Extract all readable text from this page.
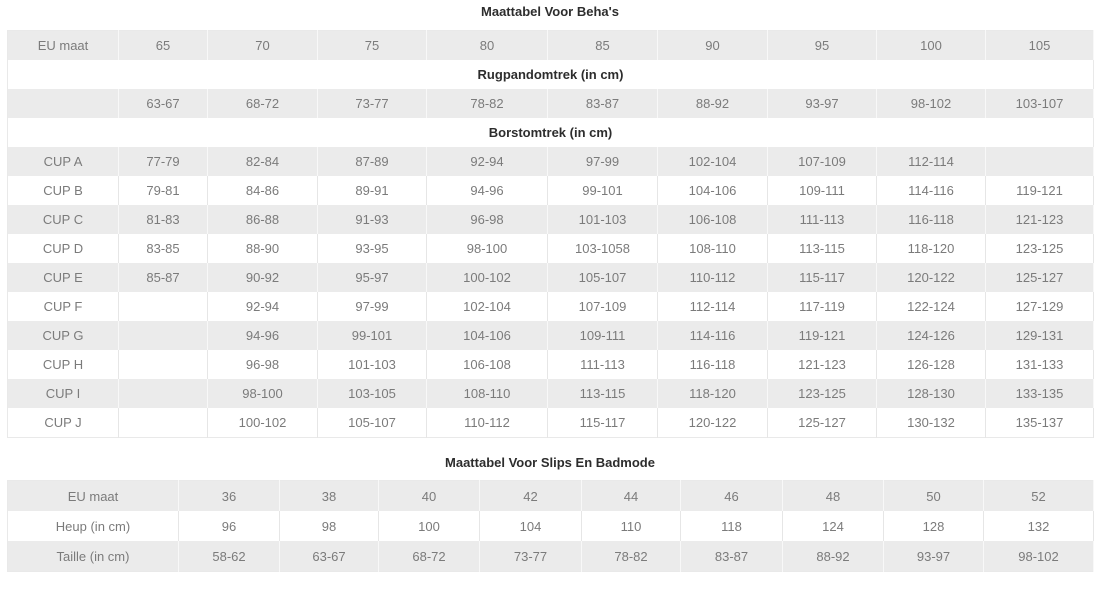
Maattabel Voor Beha's
EU maat	65	70	75	80	85	90	95	100	105
Rugpandomtrek (in cm)									
	63-67	68-72	73-77	78-82	83-87	88-92	93-97	98-102	103-107
Borstomtrek (in cm)									
CUP A	77-79	82-84	87-89	92-94	97-99	102-104	107-109	112-114	
CUP B	79-81	84-86	89-91	94-96	99-101	104-106	109-111	114-116	119-121
CUP C	81-83	86-88	91-93	96-98	101-103	106-108	111-113	116-118	121-123
CUP D	83-85	88-90	93-95	98-100	103-1058	108-110	113-115	118-120	123-125
CUP E	85-87	90-92	95-97	100-102	105-107	110-112	115-117	120-122	125-127
CUP F		92-94	97-99	102-104	107-109	112-114	117-119	122-124	127-129
CUP G		94-96	99-101	104-106	109-111	114-116	119-121	124-126	129-131
CUP H		96-98	101-103	106-108	111-113	116-118	121-123	126-128	131-133
CUP I		98-100	103-105	108-110	113-115	118-120	123-125	128-130	133-135
CUP J		100-102	105-107	110-112	115-117	120-122	125-127	130-132	135-137
Maattabel Voor Slips En Badmode
EU maat	36	38	40	42	44	46	48	50	52
Heup (in cm)	96	98	100	104	110	118	124	128	132
Taille (in cm)	58-62	63-67	68-72	73-77	78-82	83-87	88-92	93-97	98-102
